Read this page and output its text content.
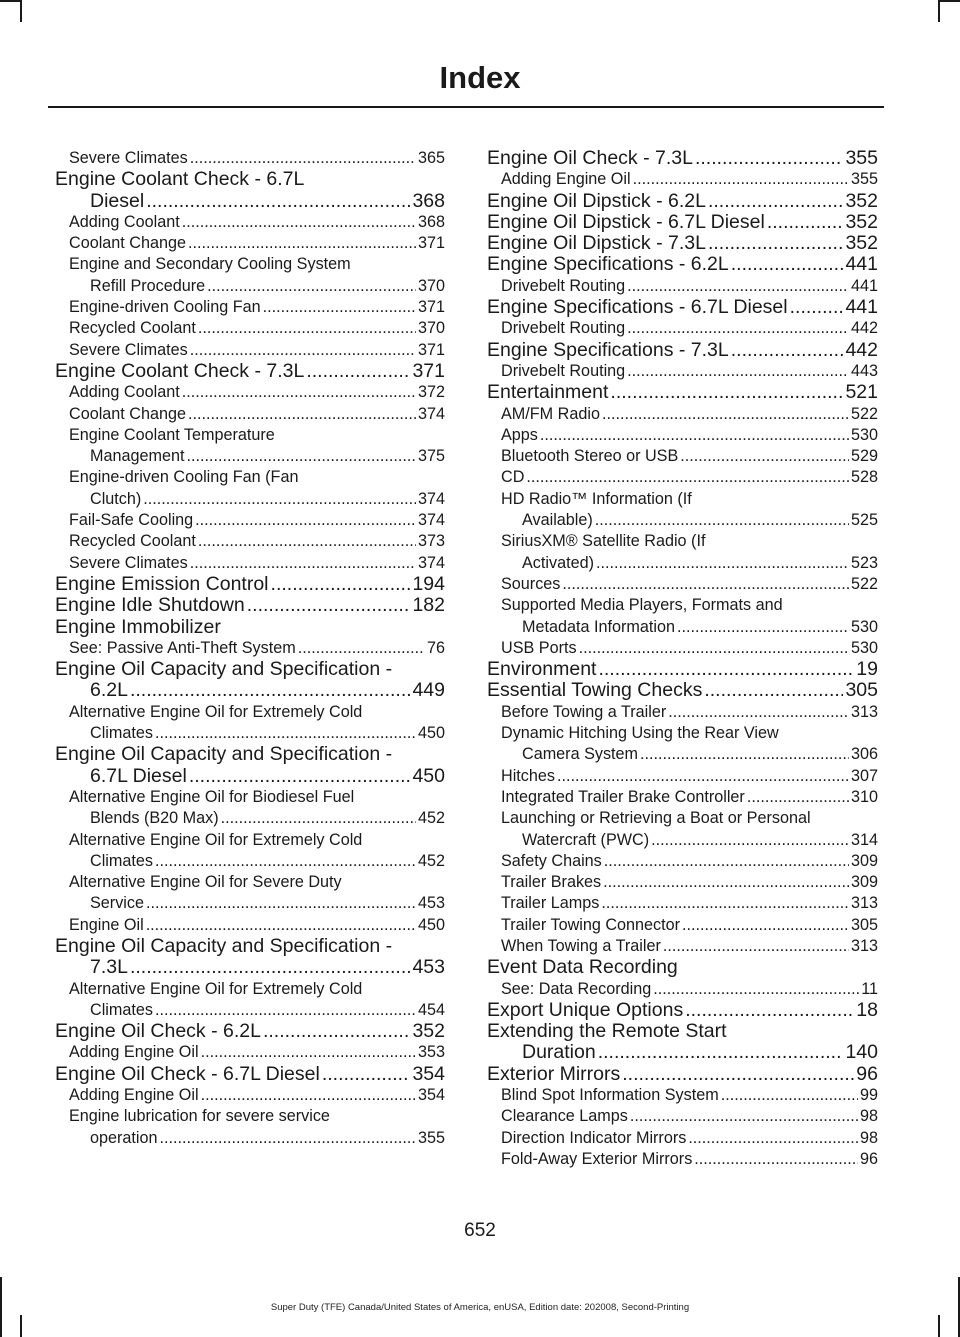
Index
Severe Climates .....	365
Engine Coolant Check - 6.7L
Diesel .....	368
Adding Coolant .....	368
Coolant Change .....	371
Engine and Secondary Cooling System
Refill Procedure .....	370
Engine-driven Cooling Fan .....	371
Recycled Coolant .....	370
Severe Climates .....	371
Engine Coolant Check - 7.3L .....	371
Adding Coolant .....	372
Coolant Change .....	374
Engine Coolant Temperature
Management .....	375
Engine-driven Cooling Fan (Fan
Clutch) .....	374
Fail-Safe Cooling .....	374
Recycled Coolant .....	373
Severe Climates .....	374
Engine Emission Control .....	194
Engine Idle Shutdown .....	182
Engine Immobilizer
See: Passive Anti-Theft System .....	76
Engine Oil Capacity and Specification -
6.2L .....	449
Alternative Engine Oil for Extremely Cold
Climates .....	450
Engine Oil Capacity and Specification -
6.7L Diesel .....	450
Alternative Engine Oil for Biodiesel Fuel
Blends (B20 Max) .....	452
Alternative Engine Oil for Extremely Cold
Climates .....	452
Alternative Engine Oil for Severe Duty
Service .....	453
Engine Oil .....	450
Engine Oil Capacity and Specification -
7.3L .....	453
Alternative Engine Oil for Extremely Cold
Climates .....	454
Engine Oil Check - 6.2L .....	352
Adding Engine Oil .....	353
Engine Oil Check - 6.7L Diesel .....	354
Adding Engine Oil .....	354
Engine lubrication for severe service
operation .....	355
Engine Oil Check - 7.3L .....	355
Adding Engine Oil .....	355
Engine Oil Dipstick - 6.2L .....	352
Engine Oil Dipstick - 6.7L Diesel .....	352
Engine Oil Dipstick - 7.3L .....	352
Engine Specifications - 6.2L .....	441
Drivebelt Routing .....	441
Engine Specifications - 6.7L Diesel .....	441
Drivebelt Routing .....	442
Engine Specifications - 7.3L .....	442
Drivebelt Routing .....	443
Entertainment .....	521
AM/FM Radio .....	522
Apps .....	530
Bluetooth Stereo or USB .....	529
CD .....	528
HD Radio™ Information (If
Available) .....	525
SiriusXM® Satellite Radio (If
Activated) .....	523
Sources .....	522
Supported Media Players, Formats and
Metadata Information .....	530
USB Ports .....	530
Environment .....	19
Essential Towing Checks .....	305
Before Towing a Trailer .....	313
Dynamic Hitching Using the Rear View
Camera System .....	306
Hitches .....	307
Integrated Trailer Brake Controller .....	310
Launching or Retrieving a Boat or Personal
Watercraft (PWC) .....	314
Safety Chains .....	309
Trailer Brakes .....	309
Trailer Lamps .....	313
Trailer Towing Connector .....	305
When Towing a Trailer .....	313
Event Data Recording
See: Data Recording .....	11
Export Unique Options .....	18
Extending the Remote Start
Duration .....	140
Exterior Mirrors .....	96
Blind Spot Information System .....	99
Clearance Lamps .....	98
Direction Indicator Mirrors .....	98
Fold-Away Exterior Mirrors .....	96
652
Super Duty (TFE) Canada/United States of America, enUSA, Edition date: 202008, Second-Printing
